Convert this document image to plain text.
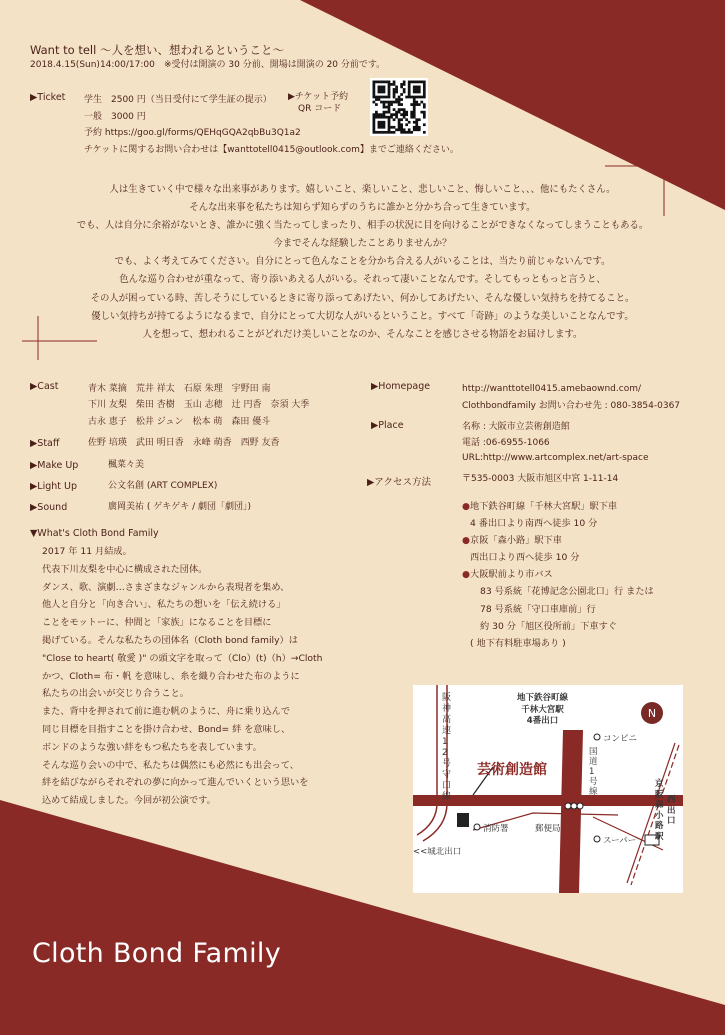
Want to tell 〜人を想い、想われるということ〜
2018.4.15(Sun)14:00/17:00 ※受付は開演の 30 分前、開場は開演の 20 分前です。
▶Ticket 学生　2500 円（当日受付にて学生証の提示）
一般　3000 円
予約 https://goo.gl/forms/QEHqGQA2qbBu3Q1a2
チケットに関するお問い合わせは【wanttotell0415@outlook.com】までご連絡ください。
▶チケット予約
QR コード
人は生きていく中で様々な出来事があります。嬉しいこと、楽しいこと、悲しいこと、悔しいこと、、、他にもたくさん。
そんな出来事を私たちは知らず知らずのうちに誰かと分かち合って生きています。
でも、人は自分に余裕がないとき、誰かに強く当たってしまったり、相手の状況に目を向けることができなくなってしまうこともある。
今までそんな経験したことありませんか？
でも、よく考えてみてください。自分にとって色んなことを分かち合える人がいることは、当たり前じゃないんです。
色んな巡り合わせが重なって、寄り添いあえる人がいる。それって凄いことなんです。そしてもっともっと言うと、
その人が困っている時、苦しそうにしているときに寄り添ってあげたい、何かしてあげたい、そんな優しい気持ちを持てること。
優しい気持ちが持てるようになるまで、自分にとって大切な人がいるということ。すべて「奇跡」のような美しいことなんです。
人を想って、想われることがどれだけ美しいことなのか、そんなことを感じさせる物語をお届けします。
▶Cast	青木 菜摘　荒井 祥太　石原 朱理　宇野田 南
下川 友梨　柴田 杏樹　玉山 志穂　辻 円香　奈須 大季
古永 恵子　松井 ジュン　松本 萌　森田 優斗
▶Staff	佐野 培瑛　武田 明日香　永峰 萌香　西野 友香
▶Make Up	楓菜々美
▶Light Up	公文名創 (ART COMPLEX)
▶Sound	廣岡美祐 ( ゲキゲキ / 劇団「劇団」)
▼What's Cloth Bond Family
2017 年 11 月結成。
代表下川友梨を中心に構成された団体。
ダンス、歌、演劇…さまざまなジャンルから表現者を集め、
他人と自分と「向き合い」、私たちの想いを「伝え続ける」
ことをモットーに、仲間と「家族」になることを目標に
掲げている。そんな私たちの団体名（Cloth bond family）は
"Close to heart( 敬愛 )" の頭文字を取って（Clo）(t)（h）→Cloth
かつ、Cloth= 布・帆 を意味し、糸を織り合わせた布のように
私たちの出会いが交じり合うこと。
また、背中を押されて前に進む帆のように、舟に乗り込んで
同じ目標を目指すことを掛け合わせ、Bond= 絆 を意味し、
ボンドのような強い絆をもつ私たちを表しています。
そんな巡り会いの中で、私たちは偶然にも必然にも出会って、
絆を結びながらそれぞれの夢に向かって進んでいくという思いを
込めて結成しました。今回が初公演です。
▶Homepage	http://wanttotell0415.amebaownd.com/
Clothbondfamily お問い合わせ先 : 080-3854-0367
▶Place	名称 : 大阪市立芸術創造館
電話 :06-6955-1066
URL:http://www.artcomplex.net/art-space
▶アクセス方法	〒535-0003 大阪市旭区中宮 1-11-14
●地下鉄谷町線「千林大宮駅」駅下車
4 番出口より南西へ徒歩 10 分
●京阪「森小路」駅下車
西出口より西へ徒歩 10 分
●大阪駅前より市バス
83 号系統「花博記念公園北口」行 または
78 号系統「守口車庫前」行
約 30 分「旭区役所前」下車すぐ
( 地下有料駐車場あり )
N
阪神高速12号守口線
地下鉄谷町線
千林大宮駅
4番出口
コンビニ
国道1号線
芸術創造館
京阪森小路駅
西出口
消防署	郵便局
スーパー
<<城北出口
Cloth Bond Family
